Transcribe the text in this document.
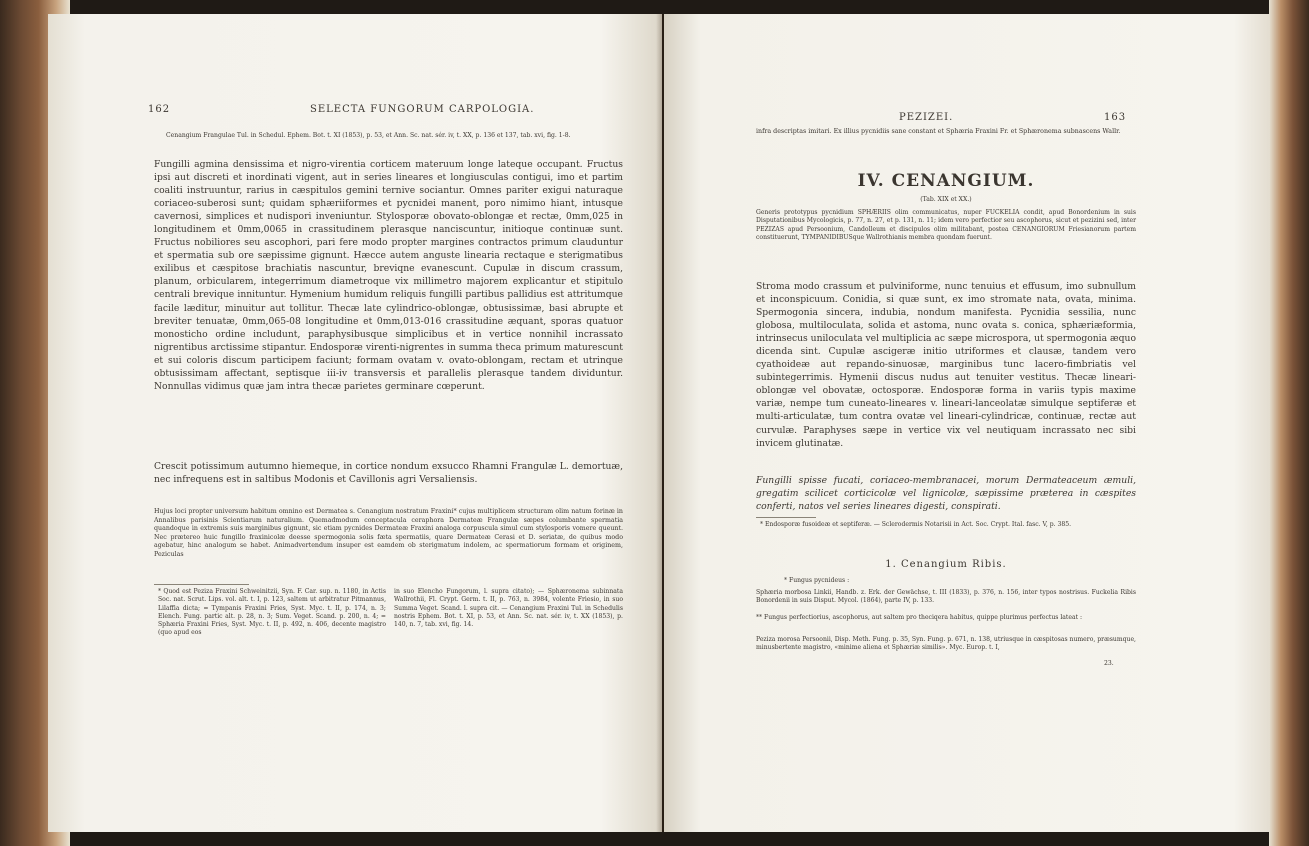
162	SELECTA FUNGORUM CARPOLOGIA.
Cenangium Frangulae Tul. in Schedul. Ephem. Bot. t. XI (1853), p. 53, et Ann. Sc. nat. sér. iv, t. XX, p. 136 et 137, tab. xvi, fig. 1-8.

Fungilli agmina densissima et nigro-virentia corticem materuum longe lateque occupant. Fructus ipsi aut discreti et inordinati vigent, aut in series lineares et longiusculas contigui, imo et partim coaliti instruuntur, rarius in cæspitulos gemini ternive sociantur. Omnes pariter exigui naturaque coriaceo-suberosi sunt; quidam sphæriiformes et pycnidei manent, poro nimimo hiant, intusque cavernosi, simplices et nudispori inveniuntur. Stylosporæ obovato-oblongæ et rectæ, 0mm,025 in longitudinem et 0mm,0065 in crassitudinem plerasque nanciscuntur, initioque continuæ sunt. Fructus nobiliores seu ascophori, pari fere modo propter margines contractos primum clauduntur et spermatia sub ore sæpissime gignunt. Hæcce autem anguste linearia rectaque e sterigmatibus exilibus et cæspitose brachiatis nascuntur, breviqne evanescunt. Cupulæ in discum crassum, planum, orbicularem, integerrimum diametroque vix millimetro majorem explicantur et stipitulo centrali brevique innituntur. Hymenium humidum reliquis fungilli partibus pallidius est attritumque facile læditur, minuitur aut tollitur. Thecæ late cylindrico-oblongæ, obtusissimæ, basi abrupte et breviter tenuatæ, 0mm,065-08 longitudine et 0mm,013-016 crassitudine æquant, sporas quatuor monosticho ordine includunt, paraphysibusque simplicibus et in vertice nonnihil incrassato nigrentibus arctissime stipantur. Endosporæ virenti-nigrentes in summa theca primum maturescunt et sui coloris discum participem faciunt; formam ovatam v. ovato-oblongam, rectam et utrinque obtusissimam affectant, septisque iii-iv transversis et parallelis plerasque tandem dividuntur. Nonnullas vidimus quæ jam intra thecæ parietes germinare cœperunt.

Crescit potissimum autumno hiemeque, in cortice nondum exsucco Rhamni Frangulæ L. demortuæ, nec infrequens est in saltibus Modonis et Cavillonis agri Versaliensis.

Hujus loci propter universum habitum omnino est Dermatea s. Cenangium nostratum Fraxini* cujus multiplicem structuram olim natum forinæ in Annalibus parisinis Scientiarum naturalium. Quemadmodum conceptacula ceraphora Dermateæ Frangulæ sæpes columbante spermatia quandoque in extremis suis marginibus gignunt, sic etiam pycnides Dermateæ Fraxini analoga corpuscula simul cum stylosporis vomere queunt. Nec prætereo huic fungillo fraxinicolæ deesse spermogonia solis fæta spermatiis, quare Dermateæ Cerasi et D. seriatæ, de quibus modo agebatur, hinc analogum se habet. Animadvertendum insuper est eamdem ob sterigmatum indolem, ac spermatiorum formam et originem, Peziculas

* Quod est Peziza Fraxini Schweinitzii, Syn. F. Car. sup. n. 1180, in Actis Soc. nat. Scrut. Lips. vol. alt. t. I, p. 123, saltem ut arbitratur Pitmannus, Lilaffia dicta; = Tympanis Fraxini Fries, Syst. Myc. t. II, p. 174, n. 3; Elench. Fung. partic alt. p. 28, n. 3; Sum. Veget. Scand. p. 200, n. 4; = Sphæria Fraxini Fries, Syst. Myc. t. II, p. 492, n. 406, decente magistro (quo apud eos

in suo Elencho Fungorum, l. supra citato); — Sphæronema subinnata Wallrothii, Fl. Crypt. Germ. t. II, p. 763, n. 3984, volente Friesio, in suo Summa Veget. Scand. l. supra cit. — Cenangium Fraxini Tul. in Schedulis nostris Ephem. Bot. t. XI, p. 53, et Ann. Sc. nat. sér. iv, t. XX (1853), p. 140, n. 7, tab. xvi, fig. 14.

PEZIZEI.	163

infra descriptas imitari. Ex illius pycnidiis sane constant et Sphæria Fraxini Fr. et Sphæronema subnascens Wallr.

IV. CENANGIUM.
(Tab. XIX et XX.)

Generis prototypus pycnidium SPHÆRIIS olim communicatus, nuper FUCKELIA condit, apud Bonordenium in suis Disputationibus Mycologicis, p. 77, n. 27, et p. 131, n. 11; idem vero perfectior seu ascophorus, sicut et pezizini sed, inter PEZIZAS apud Persoonium, Candolleum et discipulos olim militabant, postea CENANGIORUM Friesianorum partem constituerunt, TYMPANIDIBUSque Wallrothianis membra quondam fuerunt.

Stroma modo crassum et pulviniforme, nunc tenuius et effusum, imo subnullum et inconspicuum. Conidia, si quæ sunt, ex imo stromate nata, ovata, minima. Spermogonia sincera, indubia, nondum manifesta. Pycnidia sessilia, nunc globosa, multiloculata, solida et astoma, nunc ovata s. conica, sphæriæformia, intrinsecus uniloculata vel multiplicia ac sæpe microspora, ut spermogonia æquo dicenda sint. Cupulæ ascigeræ initio utriformes et clausæ, tandem vero cyathoideæ aut repando-sinuosæ, marginibus tunc lacero-fimbriatis vel subintegerrimis. Hymenii discus nudus aut tenuiter vestitus. Thecæ lineari-oblongæ vel obovatæ, octosporæ. Endosporæ forma in variis typis maxime variæ, nempe tum cuneato-lineares v. lineari-lanceolatæ simulque septiferæ et multi-articulatæ, tum contra ovatæ vel lineari-cylindricæ, continuæ, rectæ aut curvulæ. Paraphyses sæpe in vertice vix vel neutiquam incrassato nec sibi invicem glutinatæ.

Fungilli spisse fucati, coriaceo-membranacei, morum Dermateaceum æmuli, gregatim scilicet corticicolæ vel lignicolæ, sæpissime præterea in cæspites conferti, natos vel series lineares digesti, conspirati.

* Endosporæ fusoideæ et septiferæ. — Sclerodermis Notarisii in Act. Soc. Crypt. Ital. fasc. V, p. 385.

1. Cenangium Ribis.

* Fungus pycnideus :

Sphæria morbosa Linkii, Handb. z. Erk. der Gewächse, t. III (1833), p. 376, n. 156, inter typos nostrisus. Fuckelia Ribis Bonordenii in suis Disput. Mycol. (1864), parte IV, p. 133.

** Fungus perfectiorius, ascophorus, aut saltem pro theciqera habitus, quippe plurimus perfectus lateat :

Peziza morosa Persoonii, Disp. Meth. Fung. p. 35, Syn. Fung. p. 671, n. 138, utriusque in cæspitosas numero, præsumque, minusbertente magistro, «minime aliena et Sphæriæ similis». Myc. Europ. t. I,

23.
